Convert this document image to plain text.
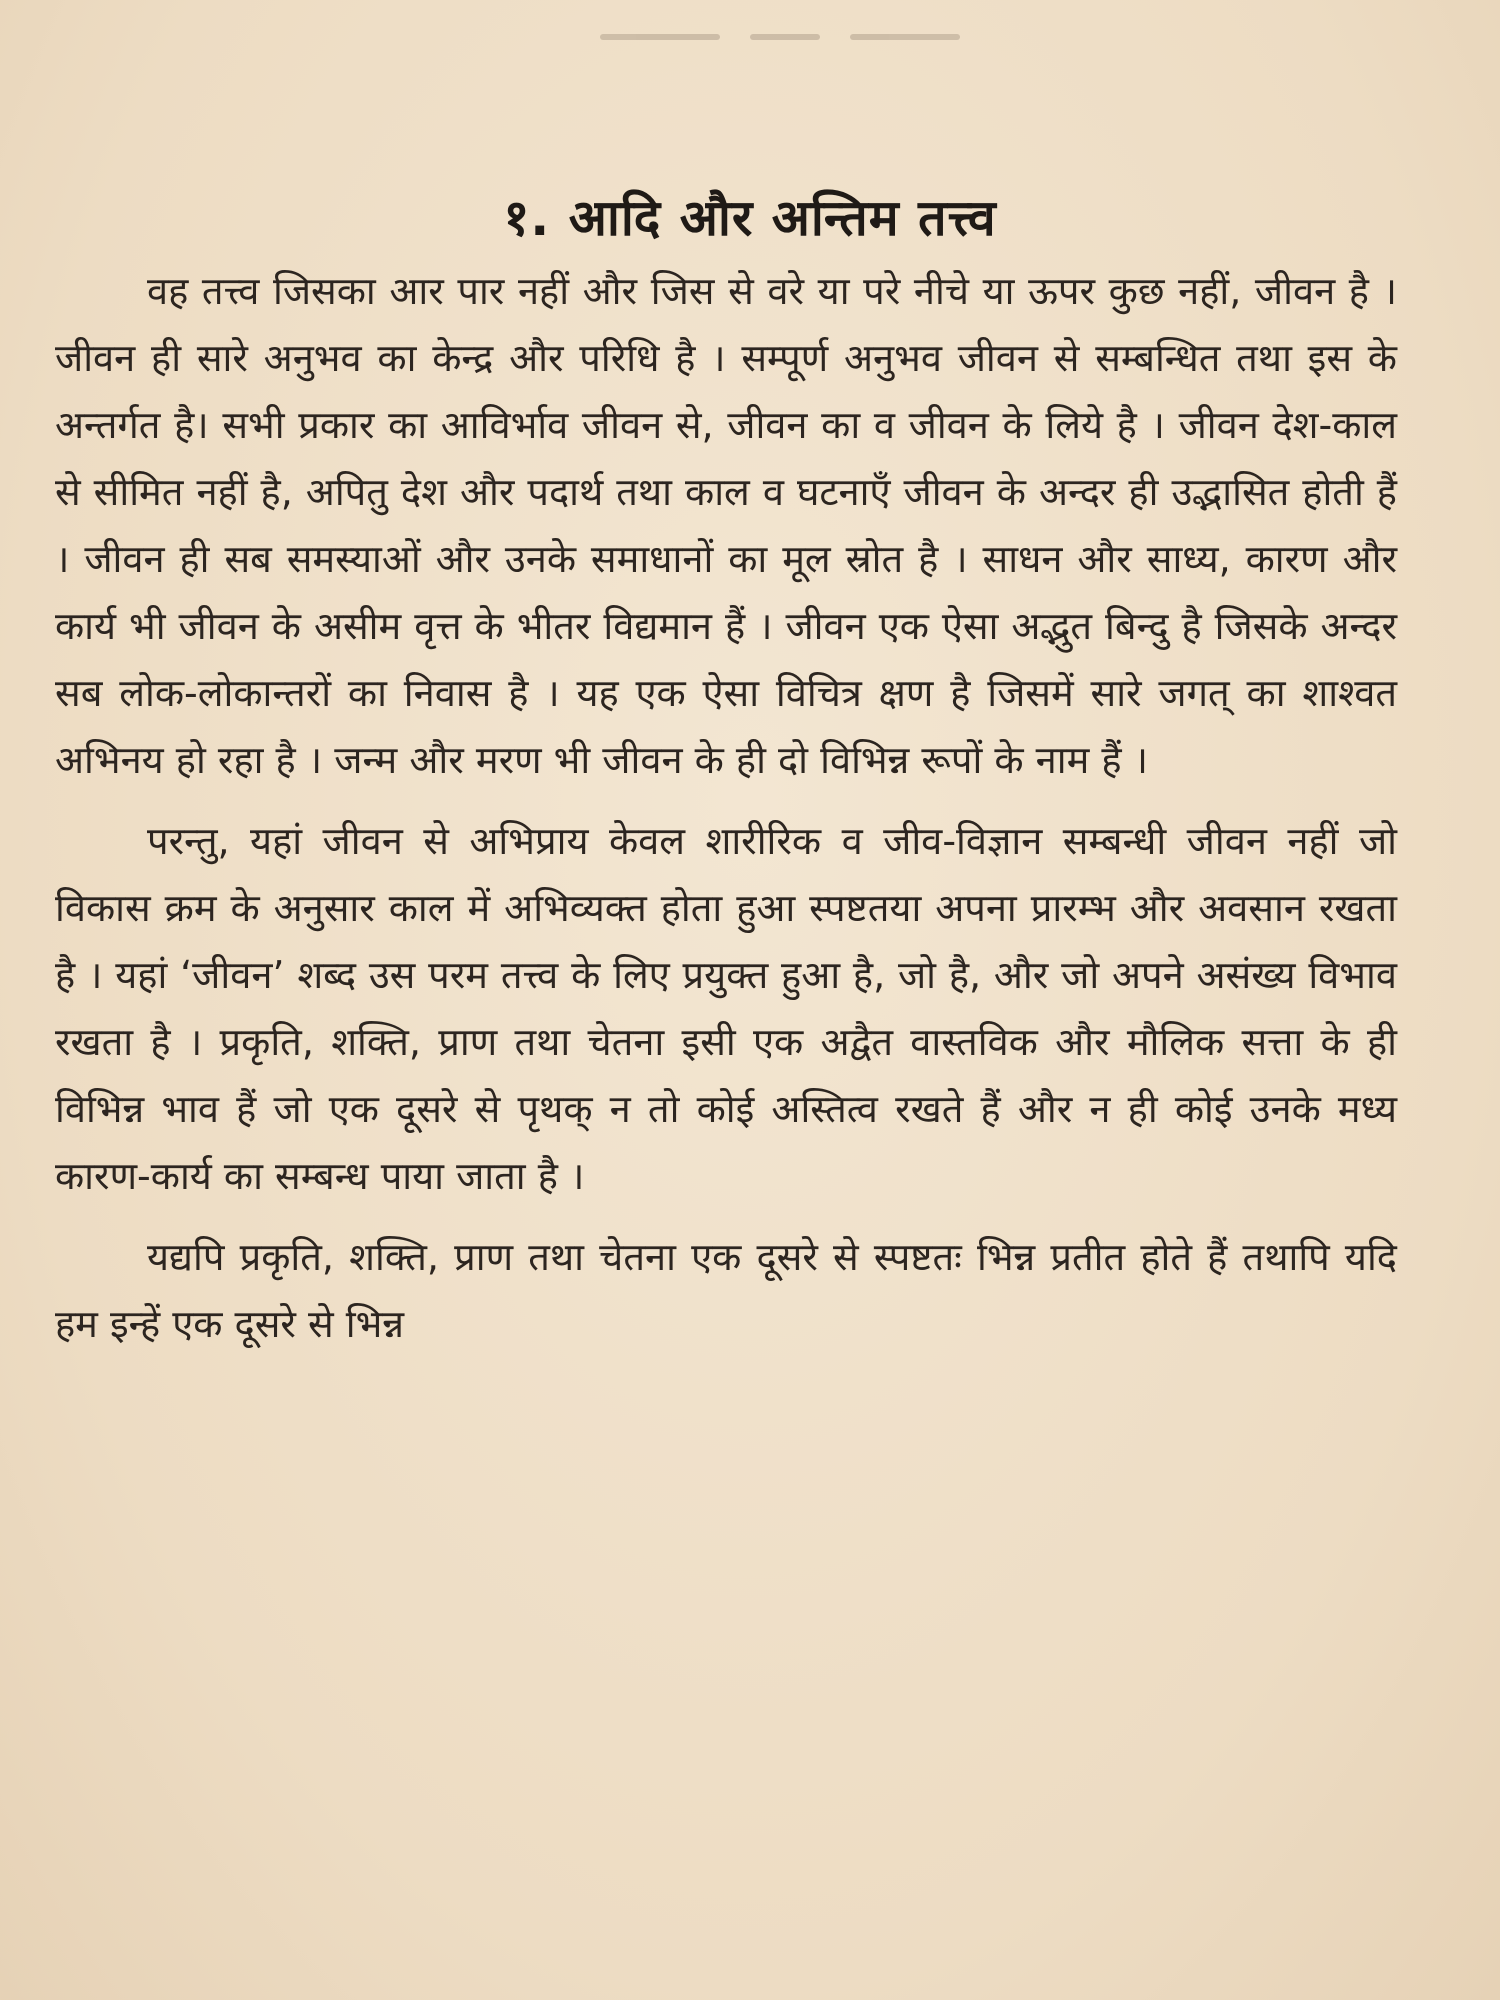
१. आदि और अन्तिम तत्त्व

वह तत्त्व जिसका आर पार नहीं और जिस से वरे या परे नीचे या ऊपर कुछ नहीं, जीवन है । जीवन ही सारे अनुभव का केन्द्र और परिधि है । सम्पूर्ण अनुभव जीवन से सम्बन्धित तथा इस के अन्तर्गत है। सभी प्रकार का आविर्भाव जीवन से, जीवन का व जीवन के लिये है । जीवन देश-काल से सीमित नहीं है, अपितु देश और पदार्थ तथा काल व घटनाएँ जीवन के अन्दर ही उद्भासित होती हैं । जीवन ही सब समस्याओं और उनके समाधानों का मूल स्रोत है । साधन और साध्य, कारण और कार्य भी जीवन के असीम वृत्त के भीतर विद्यमान हैं । जीवन एक ऐसा अद्भुत बिन्दु है जिसके अन्दर सब लोक-लोकान्तरों का निवास है । यह एक ऐसा विचित्र क्षण है जिसमें सारे जगत् का शाश्वत अभिनय हो रहा है । जन्म और मरण भी जीवन के ही दो विभिन्न रूपों के नाम हैं ।

परन्तु, यहां जीवन से अभिप्राय केवल शारीरिक व जीव-विज्ञान सम्बन्धी जीवन नहीं जो विकास क्रम के अनुसार काल में अभिव्यक्त होता हुआ स्पष्टतया अपना प्रारम्भ और अवसान रखता है । यहां ‘जीवन’ शब्द उस परम तत्त्व के लिए प्रयुक्त हुआ है, जो है, और जो अपने असंख्य विभाव रखता है । प्रकृति, शक्ति, प्राण तथा चेतना इसी एक अद्वैत वास्तविक और मौलिक सत्ता के ही विभिन्न भाव हैं जो एक दूसरे से पृथक् न तो कोई अस्तित्व रखते हैं और न ही कोई उनके मध्य कारण-कार्य का सम्बन्ध पाया जाता है ।

यद्यपि प्रकृति, शक्ति, प्राण तथा चेतना एक दूसरे से स्पष्टतः भिन्न प्रतीत होते हैं तथापि यदि हम इन्हें एक दूसरे से भिन्न
